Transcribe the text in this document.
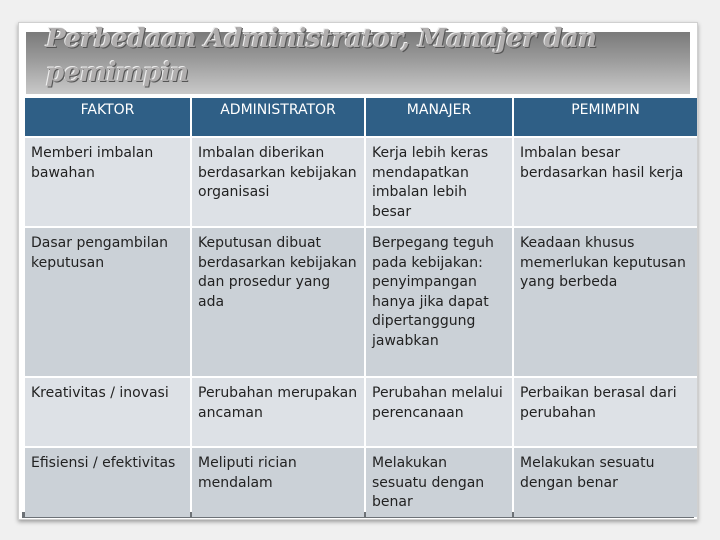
Perbedaan Administrator, Manajer dan pemimpin
FAKTOR	ADMINISTRATOR	MANAJER	PEMIMPIN
Memberi imbalan bawahan	Imbalan diberikan berdasarkan kebijakan organisasi	Kerja lebih keras mendapatkan imbalan lebih besar	Imbalan besar berdasarkan hasil kerja
Dasar pengambilan keputusan	Keputusan dibuat berdasarkan kebijakan dan prosedur yang ada	Berpegang teguh pada kebijakan: penyimpangan hanya jika dapat dipertanggung jawabkan	Keadaan khusus memerlukan keputusan yang berbeda
Kreativitas / inovasi	Perubahan merupakan ancaman	Perubahan melalui perencanaan	Perbaikan berasal dari perubahan
Efisiensi / efektivitas	Meliputi rician mendalam	Melakukan sesuatu dengan benar	Melakukan sesuatu dengan benar
